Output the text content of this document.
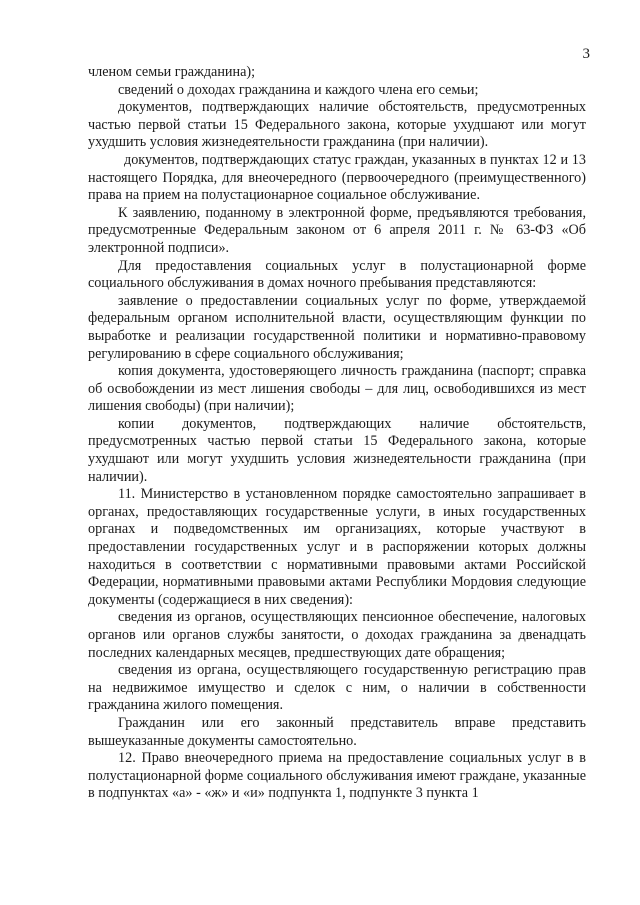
3

членом семьи гражданина);

сведений о доходах гражданина и каждого члена его семьи;

документов, подтверждающих наличие обстоятельств, предусмотренных частью первой статьи 15 Федерального закона, которые ухудшают или могут ухудшить условия жизнедеятельности гражданина (при наличии).

документов, подтверждающих статус граждан, указанных в пунктах 12 и 13 настоящего Порядка, для внеочередного (первоочередного (преимущественного) права на прием на полустационарное социальное обслуживание.

К заявлению, поданному в электронной форме, предъявляются требования, предусмотренные Федеральным законом от 6 апреля 2011 г. № 63-ФЗ «Об электронной подписи».

Для предоставления социальных услуг в полустационарной форме социального обслуживания в домах ночного пребывания представляются:

заявление о предоставлении социальных услуг по форме, утверждаемой федеральным органом исполнительной власти, осуществляющим функции по выработке и реализации государственной политики и нормативно-правовому регулированию в сфере социального обслуживания;

копия документа, удостоверяющего личность гражданина (паспорт; справка об освобождении из мест лишения свободы – для лиц, освободившихся из мест лишения свободы) (при наличии);

копии документов, подтверждающих наличие обстоятельств, предусмотренных частью первой статьи 15 Федерального закона, которые ухудшают или могут ухудшить условия жизнедеятельности гражданина (при наличии).

11. Министерство в установленном порядке самостоятельно запрашивает в органах, предоставляющих государственные услуги, в иных государственных органах и подведомственных им организациях, которые участвуют в предоставлении государственных услуг и в распоряжении которых должны находиться в соответствии с нормативными правовыми актами Российской Федерации, нормативными правовыми актами Республики Мордовия следующие документы (содержащиеся в них сведения):

сведения из органов, осуществляющих пенсионное обеспечение, налоговых органов или органов службы занятости, о доходах гражданина за двенадцать последних календарных месяцев, предшествующих дате обращения;

сведения из органа, осуществляющего государственную регистрацию прав на недвижимое имущество и сделок с ним, о наличии в собственности гражданина жилого помещения.

Гражданин или его законный представитель вправе представить вышеуказанные документы самостоятельно.

12. Право внеочередного приема на предоставление социальных услуг в в полустационарной форме социального обслуживания имеют граждане, указанные в подпунктах «а» - «ж» и «и» подпункта 1, подпункте 3 пункта 1
